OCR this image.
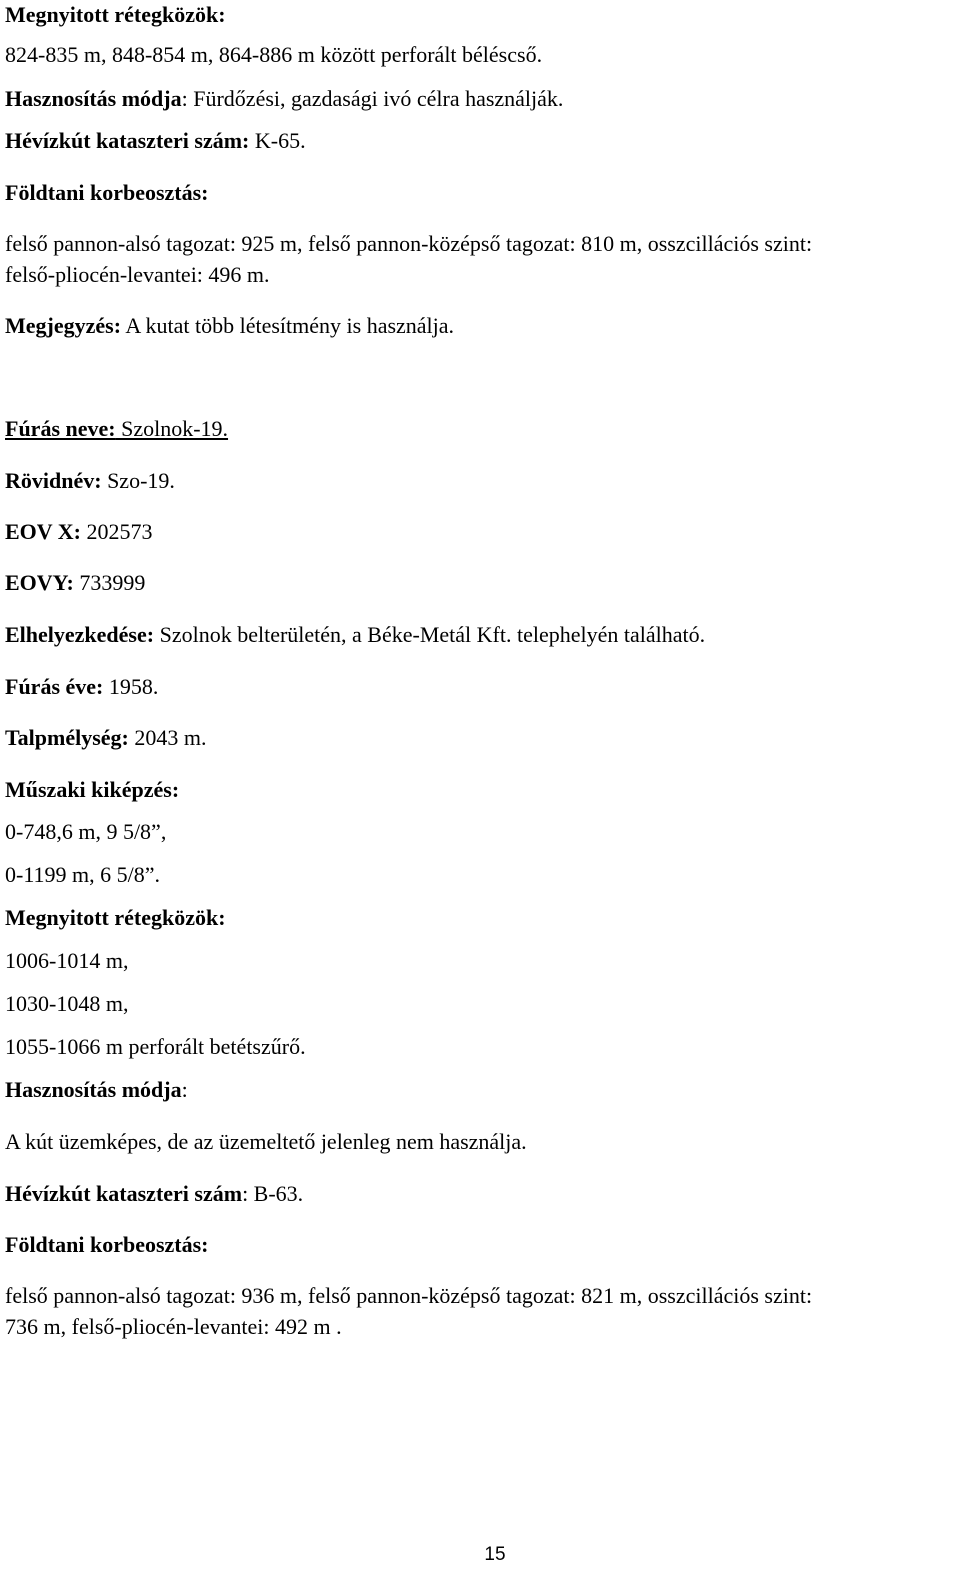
Megnyitott rétegközök:
824-835 m, 848-854 m, 864-886 m között perforált béléscső.
Hasznosítás módja: Fürdőzési, gazdasági ivó célra használják.
Hévízkút kataszteri szám: K-65.
Földtani korbeosztás:
felső pannon-alsó tagozat: 925 m, felső pannon-középső tagozat: 810 m, osszcillációs szint:
felső-pliocén-levantei: 496 m.
Megjegyzés: A kutat több létesítmény is használja.
Fúrás neve: Szolnok-19.
Rövidnév: Szo-19.
EOV X: 202573
EOVY: 733999
Elhelyezkedése: Szolnok belterületén, a Béke-Metál Kft. telephelyén található.
Fúrás éve: 1958.
Talpmélység: 2043 m.
Műszaki kiképzés:
0-748,6 m, 9 5/8”,
0-1199 m, 6 5/8”.
Megnyitott rétegközök:
1006-1014 m,
1030-1048 m,
1055-1066 m perforált betétszűrő.
Hasznosítás módja:
A kút üzemképes, de az üzemeltető jelenleg nem használja.
Hévízkút kataszteri szám: B-63.
Földtani korbeosztás:
felső pannon-alsó tagozat: 936 m, felső pannon-középső tagozat: 821 m, osszcillációs szint:
736 m, felső-pliocén-levantei: 492 m .
15
